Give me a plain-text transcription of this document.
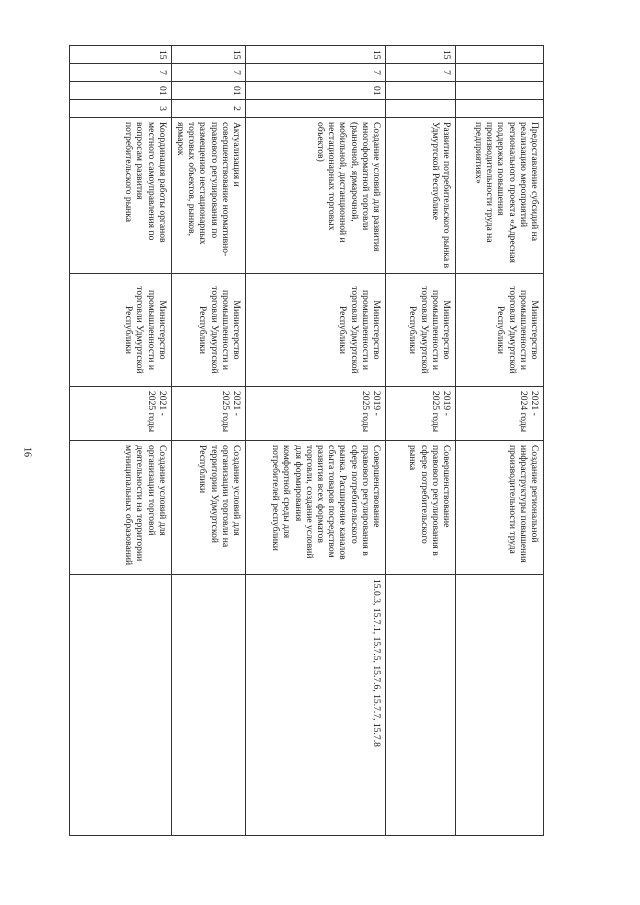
16
				Предоставление субсидий на реализацию мероприятий регионального проекта «Адресная поддержка повышения производительности труда на предприятиях»	Министерство промышленности и торговли Удмуртской Республики	2021 - 2024 годы	Создание региональной инфраструктуры повышения производительности труда	
15	7			Развитие потребительского рынка в Удмуртской Республике	Министерство промышленности и торговли Удмуртской Республики	2019 - 2025 годы	Совершенствование правового регулирования в сфере потребительского рынка	
15	7	01		Создание условий для развития многоформатной торговли (рыночной, ярмарочной, мобильной, дистанционной и нестационарных торговых объектов)	Министерство промышленности и торговли Удмуртской Республики	2019 - 2025 годы	Совершенствование правового регулирования в сфере потребительского рынка. Расширение каналов сбыта товаров посредством развития всех форматов торговли, создание условий для формирования комфортной среды для потребителей республики	15.0.3, 15.7.1, 15.7.5, 15.7.6, 15.7.7, 15.7.8
15	7	01	2	Актуализация и совершенствование нормативно-правового регулирования по размещению нестационарных торговых объектов, рынков, ярмарок	Министерство промышленности и торговли Удмуртской Республики	2021 - 2025 годы	Создание условий для организации торговли на территории Удмуртской Республики	
15	7	01	3	Координация работы органов местного самоуправления по вопросам развития потребительского рынка	Министерство промышленности и торговли Удмуртской Республики	2021 - 2025 годы	Создание условий для организации торговой деятельности на территории муниципальных образований	
